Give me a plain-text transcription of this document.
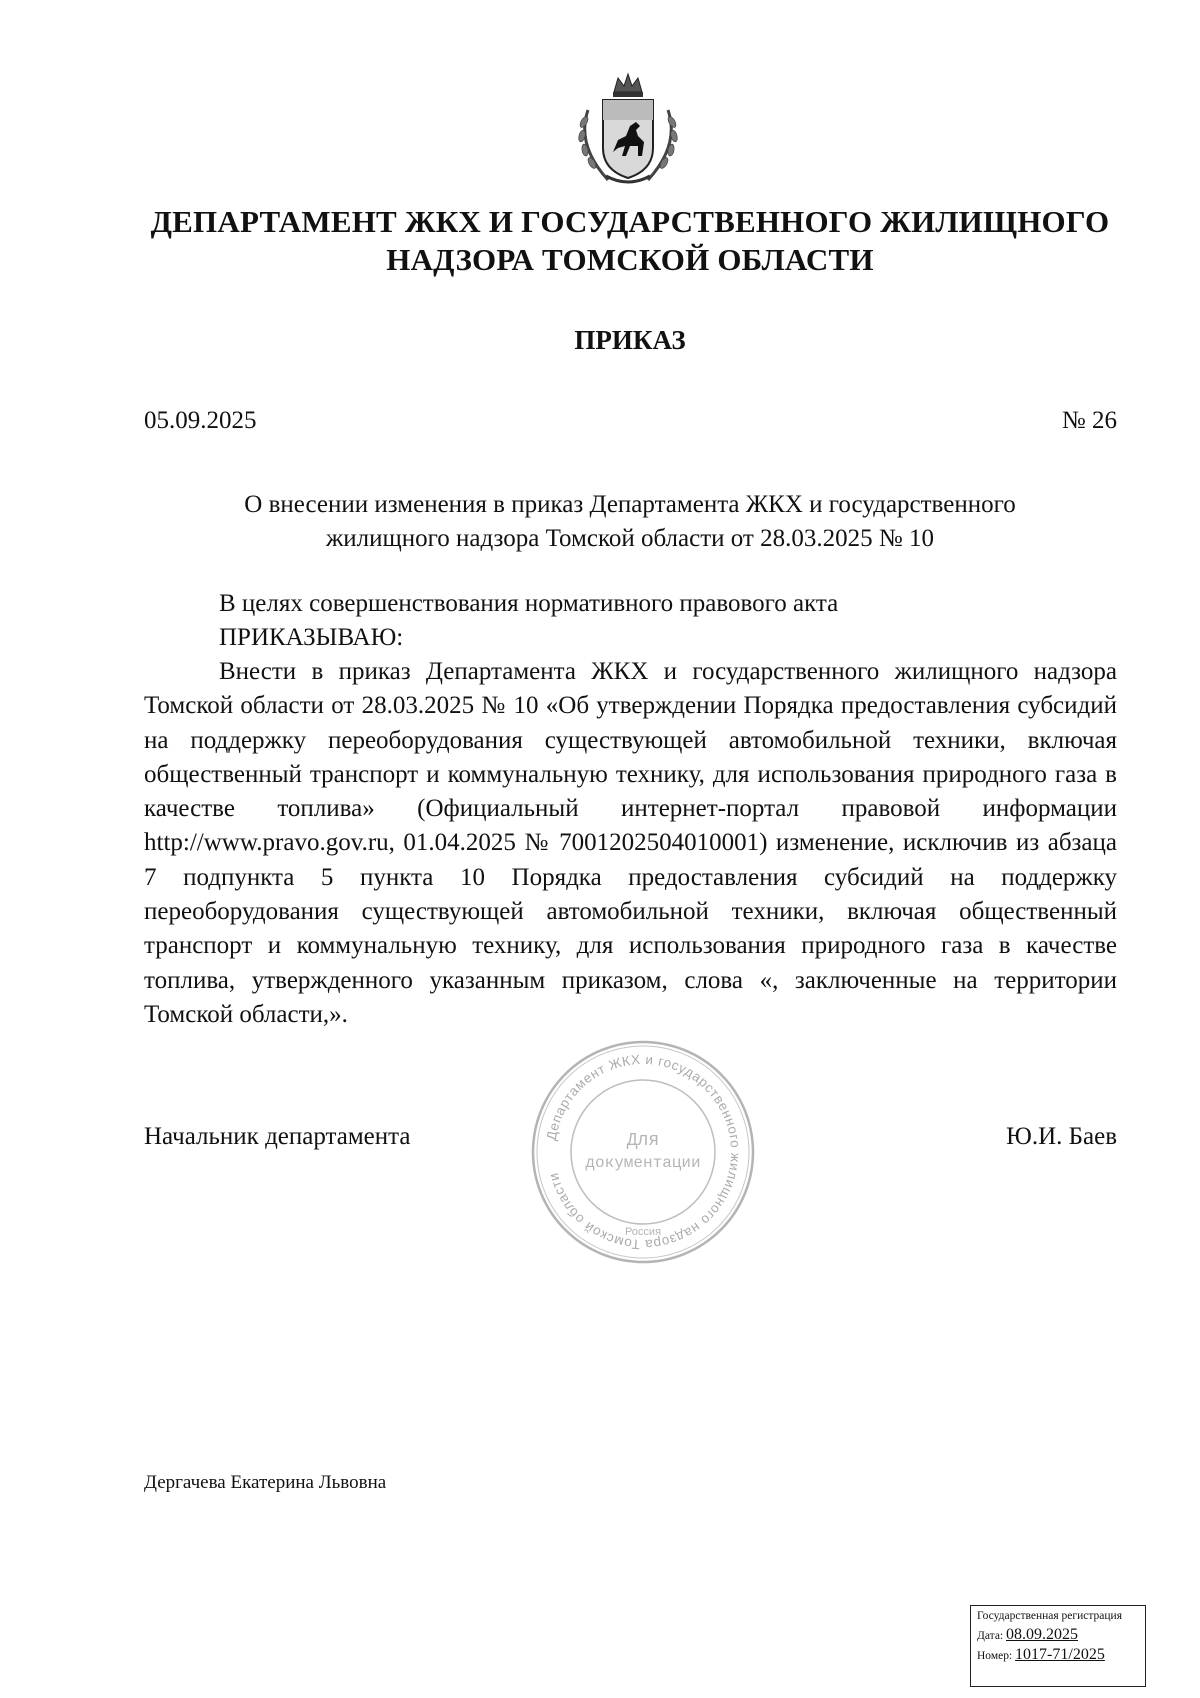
ДЕПАРТАМЕНТ ЖКХ И ГОСУДАРСТВЕННОГО ЖИЛИЩНОГО
НАДЗОРА ТОМСКОЙ ОБЛАСТИ
ПРИКАЗ
05.09.2025	№ 26
О внесении изменения в приказ Департамента ЖКХ и государственного
жилищного надзора Томской области от 28.03.2025 № 10
В целях совершенствования нормативного правового акта
ПРИКАЗЫВАЮ:
Внести в приказ Департамента ЖКХ и государственного жилищного надзора Томской области от 28.03.2025 № 10 «Об утверждении Порядка предоставления субсидий на поддержку переоборудования существующей автомобильной техники, включая общественный транспорт и коммунальную технику, для использования природного газа в качестве топлива» (Официальный интернет-портал правовой информации http://www.pravo.gov.ru, 01.04.2025 № 7001202504010001) изменение, исключив из абзаца 7 подпункта 5 пункта 10 Порядка предоставления субсидий на поддержку переоборудования существующей автомобильной техники, включая общественный транспорт и коммунальную технику, для использования природного газа в качестве топлива, утвержденного указанным приказом, слова «, заключенные на территории Томской области,».
Начальник департамента	Департамент ЖКХ и государственного жилищного надзора Томской области
Для
документации
Россия
Ю.И. Баев
Дергачева Екатерина Львовна
Государственная регистрация
Дата: 08.09.2025
Номер: 1017-71/2025
